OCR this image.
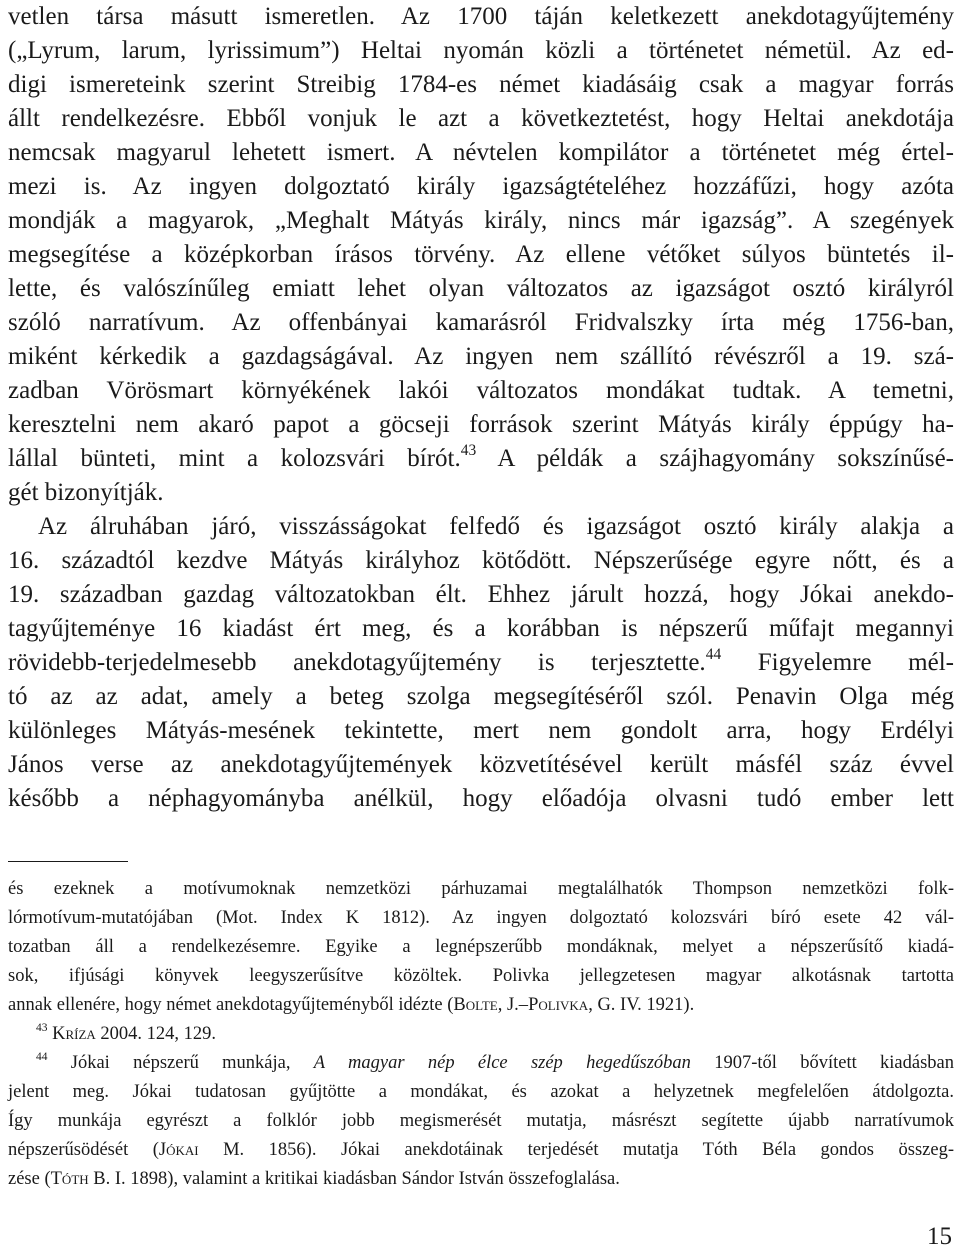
vetlen társa másutt ismeretlen. Az 1700 táján keletkezett anekdotagyűjtemény
(„Lyrum, larum, lyrissimum”) Heltai nyomán közli a történetet németül. Az ed-
digi ismereteink szerint Streibig 1784-es német kiadásáig csak a magyar forrás
állt rendelkezésre. Ebből vonjuk le azt a következtetést, hogy Heltai anekdotája
nemcsak magyarul lehetett ismert. A névtelen kompilátor a történetet még értel-
mezi is. Az ingyen dolgoztató király igazságtételéhez hozzáfűzi, hogy azóta
mondják a magyarok, „Meghalt Mátyás király, nincs már igazság”. A szegények
megsegítése a középkorban írásos törvény. Az ellene vétőket súlyos büntetés il-
lette, és valószínűleg emiatt lehet olyan változatos az igazságot osztó királyról
szóló narratívum. Az offenbányai kamarásról Fridvalszky írta még 1756-ban,
miként kérkedik a gazdagságával. Az ingyen nem szállító révészről a 19. szá-
zadban Vörösmart környékének lakói változatos mondákat tudtak. A temetni,
keresztelni nem akaró papot a göcseji források szerint Mátyás király éppúgy ha-
lállal bünteti, mint a kolozsvári bírót.$^{43}$ A példák a szájhagyomány sokszínűsé-
gét bizonyítják.
Az álruhában járó, visszásságokat felfedő és igazságot osztó király alakja a
16. századtól kezdve Mátyás királyhoz kötődött. Népszerűsége egyre nőtt, és a
19. században gazdag változatokban élt. Ehhez járult hozzá, hogy Jókai anekdo-
tagyűjteménye 16 kiadást ért meg, és a korábban is népszerű műfajt megannyi
rövidebb-terjedelmesebb anekdotagyűjtemény is terjesztette.$^{44}$ Figyelemre mél-
tó az az adat, amely a beteg szolga megsegítéséről szól. Penavin Olga még
különleges Mátyás-mesének tekintette, mert nem gondolt arra, hogy Erdélyi
János verse az anekdotagyűjtemények közvetítésével került másfél száz évvel
később a néphagyományba anélkül, hogy előadója olvasni tudó ember lett
és ezeknek a motívumoknak nemzetközi párhuzamai megtalálhatók Thompson nemzetközi folk-
lórmotívum-mutatójában (Mot. Index K 1812). Az ingyen dolgoztató kolozsvári bíró esete 42 vál-
tozatban áll a rendelkezésemre. Egyike a legnépszerűbb mondáknak, melyet a népszerűsítő kiadá-
sok, ifjúsági könyvek leegyszerűsítve közöltek. Polivka jellegzetesen magyar alkotásnak tartotta
annak ellenére, hogy német anekdotagyűjteményből idézte (Bolte, J.–Polivka, G. IV. 1921).
$^{43}$ Kríza 2004. 124, 129.
$^{44}$ Jókai népszerű munkája, A magyar nép élce szép hegedűszóban 1907-től bővített kiadásban
jelent meg. Jókai tudatosan gyűjtötte a mondákat, és azokat a helyzetnek megfelelően átdolgozta.
Így munkája egyrészt a folklór jobb megismerését mutatja, másrészt segítette újabb narratívumok
népszerűsödését (Jókai M. 1856). Jókai anekdotáinak terjedését mutatja Tóth Béla gondos összeg-
zése (Tóth B. I. 1898), valamint a kritikai kiadásban Sándor István összefoglalása.
15
